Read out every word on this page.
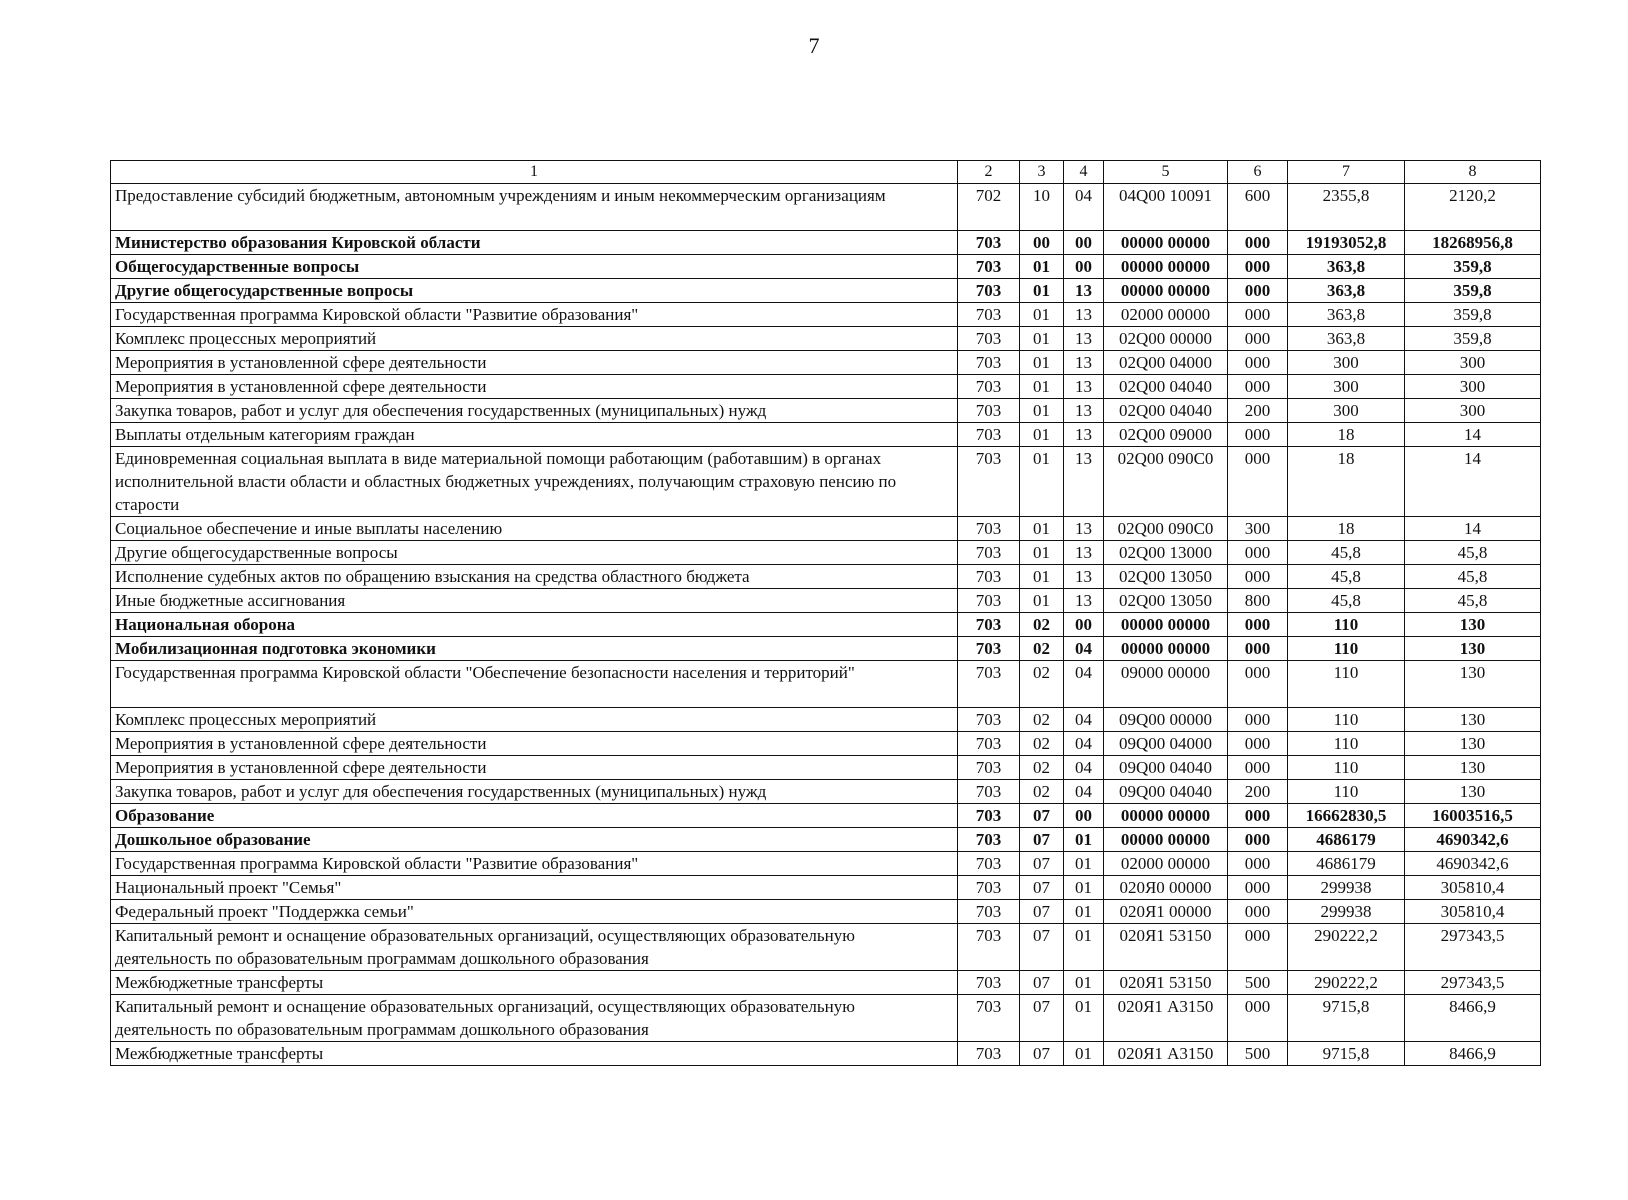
7
1	2	3	4	5	6	7	8
Предоставление субсидий бюджетным, автономным учреждениям и иным некоммерческим организациям	702	10	04	04Q00 10091	600	2355,8	2120,2
Министерство образования Кировской области	703	00	00	00000 00000	000	19193052,8	18268956,8
Общегосударственные вопросы	703	01	00	00000 00000	000	363,8	359,8
Другие общегосударственные вопросы	703	01	13	00000 00000	000	363,8	359,8
Государственная программа Кировской области "Развитие образования"	703	01	13	02000 00000	000	363,8	359,8
Комплекс процессных мероприятий	703	01	13	02Q00 00000	000	363,8	359,8
Мероприятия в установленной сфере деятельности	703	01	13	02Q00 04000	000	300	300
Мероприятия в установленной сфере деятельности	703	01	13	02Q00 04040	000	300	300
Закупка товаров, работ и услуг для обеспечения государственных (муниципальных) нужд	703	01	13	02Q00 04040	200	300	300
Выплаты отдельным категориям граждан	703	01	13	02Q00 09000	000	18	14
Единовременная социальная выплата в виде материальной помощи работающим (работавшим) в органах исполнительной власти области и областных бюджетных учреждениях, получающим страховую пенсию по старости	703	01	13	02Q00 090C0	000	18	14
Социальное обеспечение и иные выплаты населению	703	01	13	02Q00 090C0	300	18	14
Другие общегосударственные вопросы	703	01	13	02Q00 13000	000	45,8	45,8
Исполнение судебных актов по обращению взыскания на средства областного бюджета	703	01	13	02Q00 13050	000	45,8	45,8
Иные бюджетные ассигнования	703	01	13	02Q00 13050	800	45,8	45,8
Национальная оборона	703	02	00	00000 00000	000	110	130
Мобилизационная подготовка экономики	703	02	04	00000 00000	000	110	130
Государственная программа Кировской области "Обеспечение безопасности населения и территорий"	703	02	04	09000 00000	000	110	130
Комплекс процессных мероприятий	703	02	04	09Q00 00000	000	110	130
Мероприятия в установленной сфере деятельности	703	02	04	09Q00 04000	000	110	130
Мероприятия в установленной сфере деятельности	703	02	04	09Q00 04040	000	110	130
Закупка товаров, работ и услуг для обеспечения государственных (муниципальных) нужд	703	02	04	09Q00 04040	200	110	130
Образование	703	07	00	00000 00000	000	16662830,5	16003516,5
Дошкольное образование	703	07	01	00000 00000	000	4686179	4690342,6
Государственная программа Кировской области "Развитие образования"	703	07	01	02000 00000	000	4686179	4690342,6
Национальный проект "Семья"	703	07	01	020Я0 00000	000	299938	305810,4
Федеральный проект "Поддержка семьи"	703	07	01	020Я1 00000	000	299938	305810,4
Капитальный ремонт и оснащение образовательных организаций, осуществляющих образовательную деятельность по образовательным программам дошкольного образования	703	07	01	020Я1 53150	000	290222,2	297343,5
Межбюджетные трансферты	703	07	01	020Я1 53150	500	290222,2	297343,5
Капитальный ремонт и оснащение образовательных организаций, осуществляющих образовательную деятельность по образовательным программам дошкольного образования	703	07	01	020Я1 А3150	000	9715,8	8466,9
Межбюджетные трансферты	703	07	01	020Я1 А3150	500	9715,8	8466,9
